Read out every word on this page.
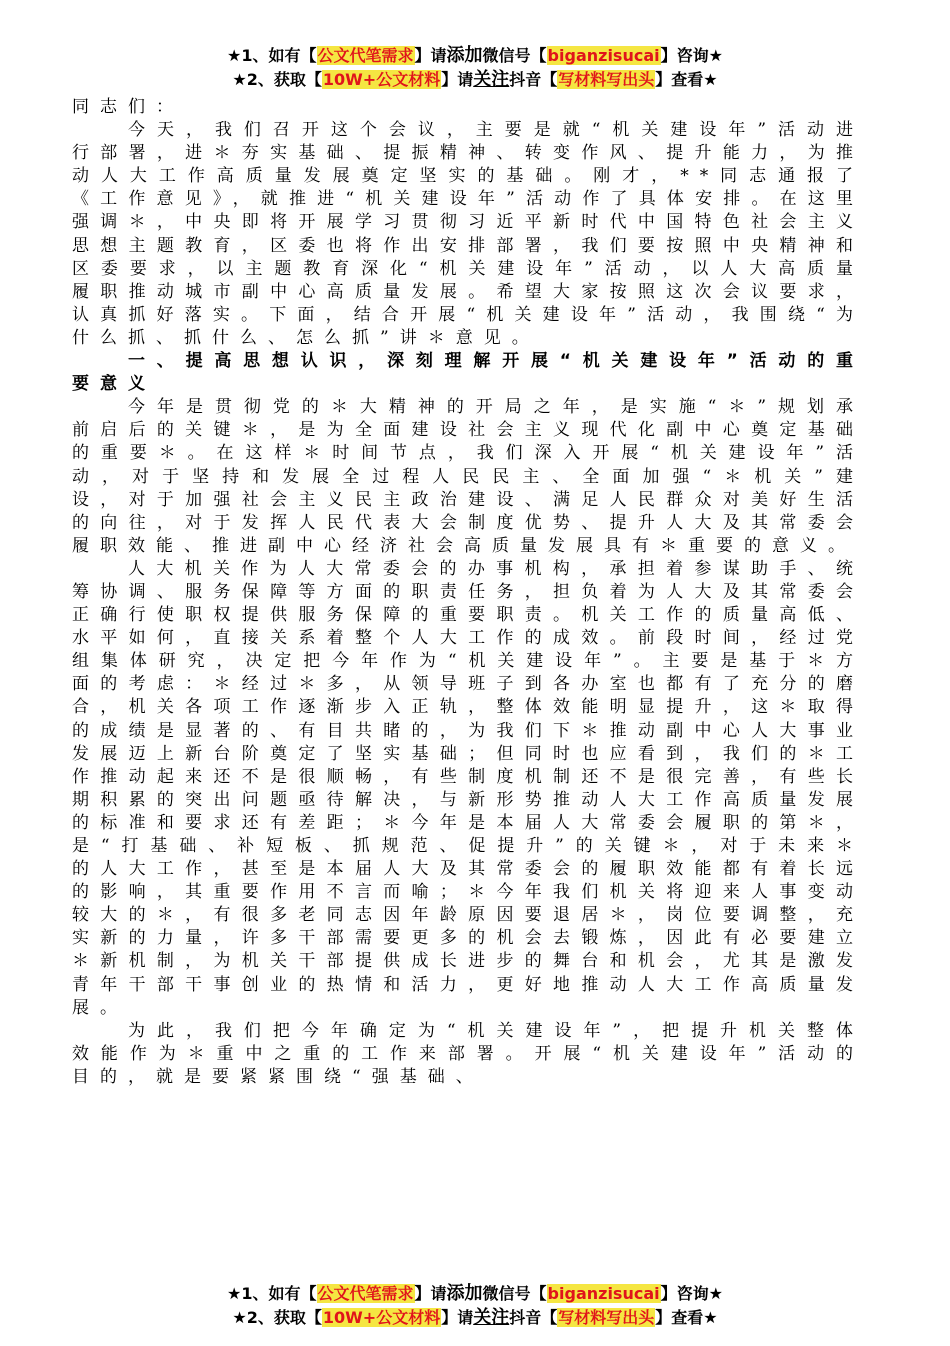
★1、如有【公文代笔需求】请添加微信号【biganzisucai】咨询★
★2、获取【10W+公文材料】请关注抖音【写材料写出头】查看★

同志们：

今天，我们召开这个会议，主要是就“机关建设年”活动进行部署，进＊夯实基础、提振精神、转变作风、提升能力，为推动人大工作高质量发展奠定坚实的基础。刚才，**同志通报了《工作意见》，就推进“机关建设年”活动作了具体安排。在这里强调＊，中央即将开展学习贯彻习近平新时代中国特色社会主义思想主题教育，区委也将作出安排部署，我们要按照中央精神和区委要求，以主题教育深化“机关建设年”活动，以人大高质量履职推动城市副中心高质量发展。希望大家按照这次会议要求，认真抓好落实。下面，结合开展“机关建设年”活动，我围绕“为什么抓、抓什么、怎么抓”讲＊意见。

一、提高思想认识，深刻理解开展“机关建设年”活动的重要意义

今年是贯彻党的＊大精神的开局之年，是实施“＊”规划承前启后的关键＊，是为全面建设社会主义现代化副中心奠定基础的重要＊。在这样＊时间节点，我们深入开展“机关建设年”活动，对于坚持和发展全过程人民民主、全面加强“＊机关”建设，对于加强社会主义民主政治建设、满足人民群众对美好生活的向往，对于发挥人民代表大会制度优势、提升人大及其常委会履职效能、推进副中心经济社会高质量发展具有＊重要的意义。

人大机关作为人大常委会的办事机构，承担着参谋助手、统筹协调、服务保障等方面的职责任务，担负着为人大及其常委会正确行使职权提供服务保障的重要职责。机关工作的质量高低、水平如何，直接关系着整个人大工作的成效。前段时间，经过党组集体研究，决定把今年作为“机关建设年”。主要是基于＊方面的考虑：＊经过＊多，从领导班子到各办室也都有了充分的磨合，机关各项工作逐渐步入正轨，整体效能明显提升，这＊取得的成绩是显著的、有目共睹的，为我们下＊推动副中心人大事业发展迈上新台阶奠定了坚实基础；但同时也应看到，我们的＊工作推动起来还不是很顺畅，有些制度机制还不是很完善，有些长期积累的突出问题亟待解决，与新形势推动人大工作高质量发展的标准和要求还有差距；＊今年是本届人大常委会履职的第＊，是“打基础、补短板、抓规范、促提升”的关键＊，对于未来＊的人大工作，甚至是本届人大及其常委会的履职效能都有着长远的影响，其重要作用不言而喻；＊今年我们机关将迎来人事变动较大的＊，有很多老同志因年龄原因要退居＊，岗位要调整，充实新的力量，许多干部需要更多的机会去锻炼，因此有必要建立＊新机制，为机关干部提供成长进步的舞台和机会，尤其是激发青年干部干事创业的热情和活力，更好地推动人大工作高质量发展。

为此，我们把今年确定为“机关建设年”，把提升机关整体效能作为＊重中之重的工作来部署。开展“机关建设年”活动的目的，就是要紧紧围绕“强基础、

★1、如有【公文代笔需求】请添加微信号【biganzisucai】咨询★
★2、获取【10W+公文材料】请关注抖音【写材料写出头】查看★
